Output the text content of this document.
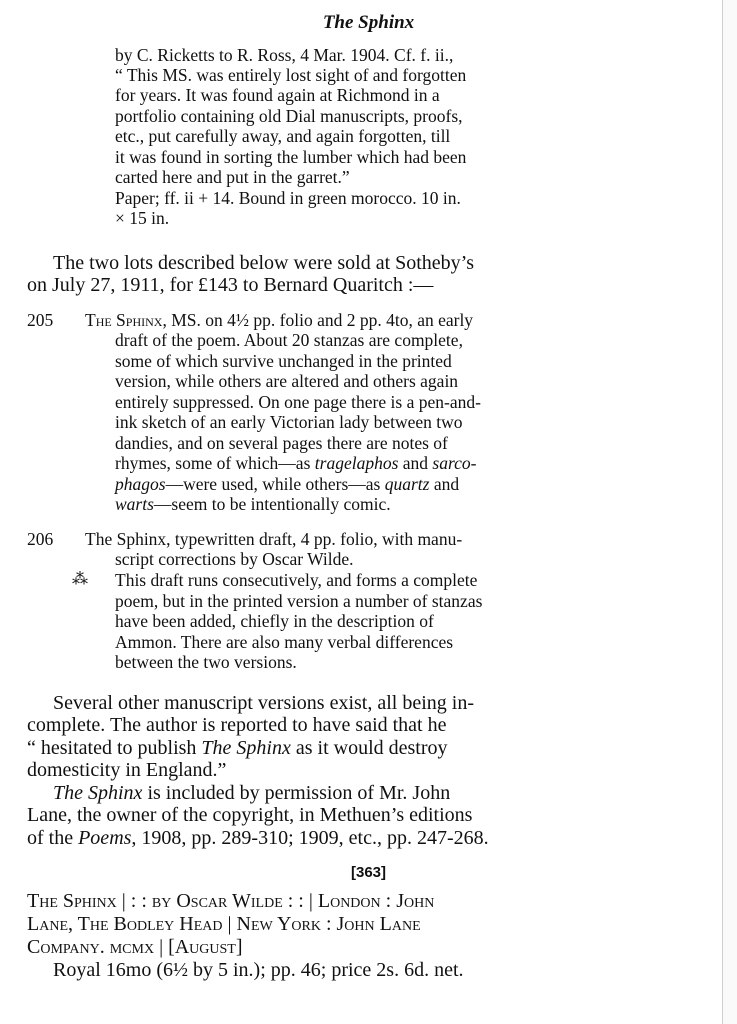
The Sphinx
by C. Ricketts to R. Ross, 4 Mar. 1904. Cf. f. ii.,
“ This MS. was entirely lost sight of and forgotten
for years. It was found again at Richmond in a
portfolio containing old Dial manuscripts, proofs,
etc., put carefully away, and again forgotten, till
it was found in sorting the lumber which had been
carted here and put in the garret.”
Paper; ff. ii + 14. Bound in green morocco. 10 in.
× 15 in.
The two lots described below were sold at Sotheby’s
on July 27, 1911, for £143 to Bernard Quaritch :—
205 The Sphinx, MS. on 4½ pp. folio and 2 pp. 4to, an early
draft of the poem. About 20 stanzas are complete,
some of which survive unchanged in the printed
version, while others are altered and others again
entirely suppressed. On one page there is a pen-and-
ink sketch of an early Victorian lady between two
dandies, and on several pages there are notes of
rhymes, some of which—as tragelaphos and sarco-
phagos—were used, while others—as quartz and
warts—seem to be intentionally comic.
206 The Sphinx, typewritten draft, 4 pp. folio, with manu-
script corrections by Oscar Wilde.
⁂ This draft runs consecutively, and forms a complete
poem, but in the printed version a number of stanzas
have been added, chiefly in the description of
Ammon. There are also many verbal differences
between the two versions.
Several other manuscript versions exist, all being in-
complete. The author is reported to have said that he
“ hesitated to publish The Sphinx as it would destroy
domesticity in England.”
The Sphinx is included by permission of Mr. John
Lane, the owner of the copyright, in Methuen’s editions
of the Poems, 1908, pp. 289-310; 1909, etc., pp. 247-268.
[363]
The Sphinx | : : by Oscar Wilde : : | London : John
Lane, The Bodley Head | New York : John Lane
Company. mcmx | [August]
Royal 16mo (6½ by 5 in.); pp. 46; price 2s. 6d. net.
